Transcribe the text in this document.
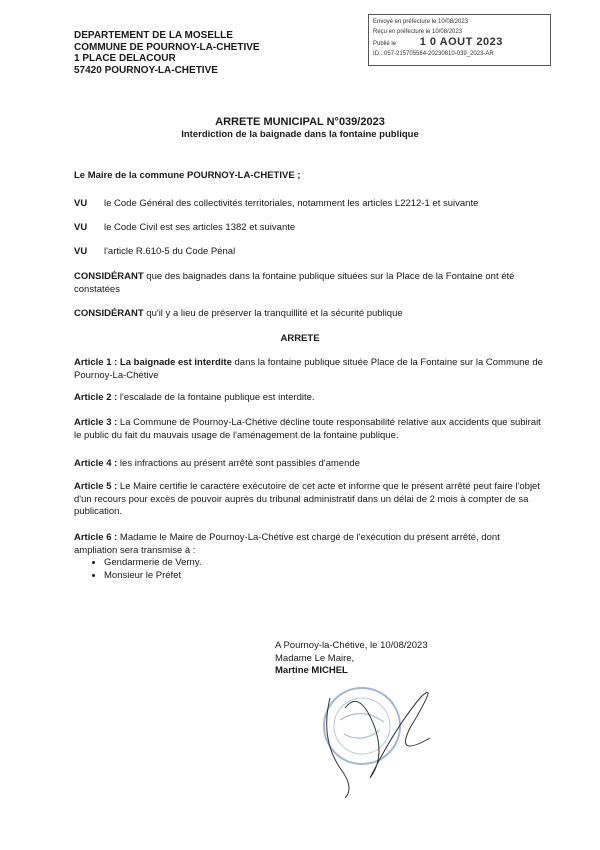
DEPARTEMENT DE LA MOSELLE
COMMUNE DE POURNOY-LA-CHETIVE
1 PLACE DELACOUR
57420 POURNOY-LA-CHETIVE
Envoyé en préfecture le 10/08/2023
Reçu en préfecture le 10/08/2023
Publié le 1 0 AOUT 2023
ID : 057-215705584-20230810-039_2023-AR
ARRETE MUNICIPAL N°039/2023
Interdiction de la baignade dans la fontaine publique
Le Maire de la commune POURNOY-LA-CHETIVE ;
VU le Code Général des collectivités territoriales, notamment les articles L2212-1 et suivante
VU le Code Civil est ses articles 1382 et suivante
VU l'article R.610-5 du Code Pénal
CONSIDÉRANT que des baignades dans la fontaine publique situées sur la Place de la Fontaine ont été constatées
CONSIDÉRANT qu'il y a lieu de préserver la tranquillité et la sécurité publique
ARRETE
Article 1 : La baignade est interdite dans la fontaine publique située Place de la Fontaine sur la Commune de Pournoy-La-Chétive
Article 2 : l'escalade de la fontaine publique est interdite.
Article 3 : La Commune de Pournoy-La-Chétive décline toute responsabilité relative aux accidents que subirait le public du fait du mauvais usage de l'aménagement de la fontaine publique.
Article 4 : les infractions au présent arrêté sont passibles d'amende
Article 5 : Le Maire certifie le caractère exécutoire de cet acte et informe que le présent arrêté peut faire l'objet d'un recours pour excès de pouvoir auprès du tribunal administratif dans un délai de 2 mois à compter de sa publication.
Article 6 : Madame le Maire de Pournoy-La-Chétive est chargé de l'exécution du présent arrêté, dont ampliation sera transmise à :
• Gendarmerie de Verny.
• Monsieur le Préfet
A Pournoy-la-Chétive, le 10/08/2023
Madame Le Maire,
Martine MICHEL
